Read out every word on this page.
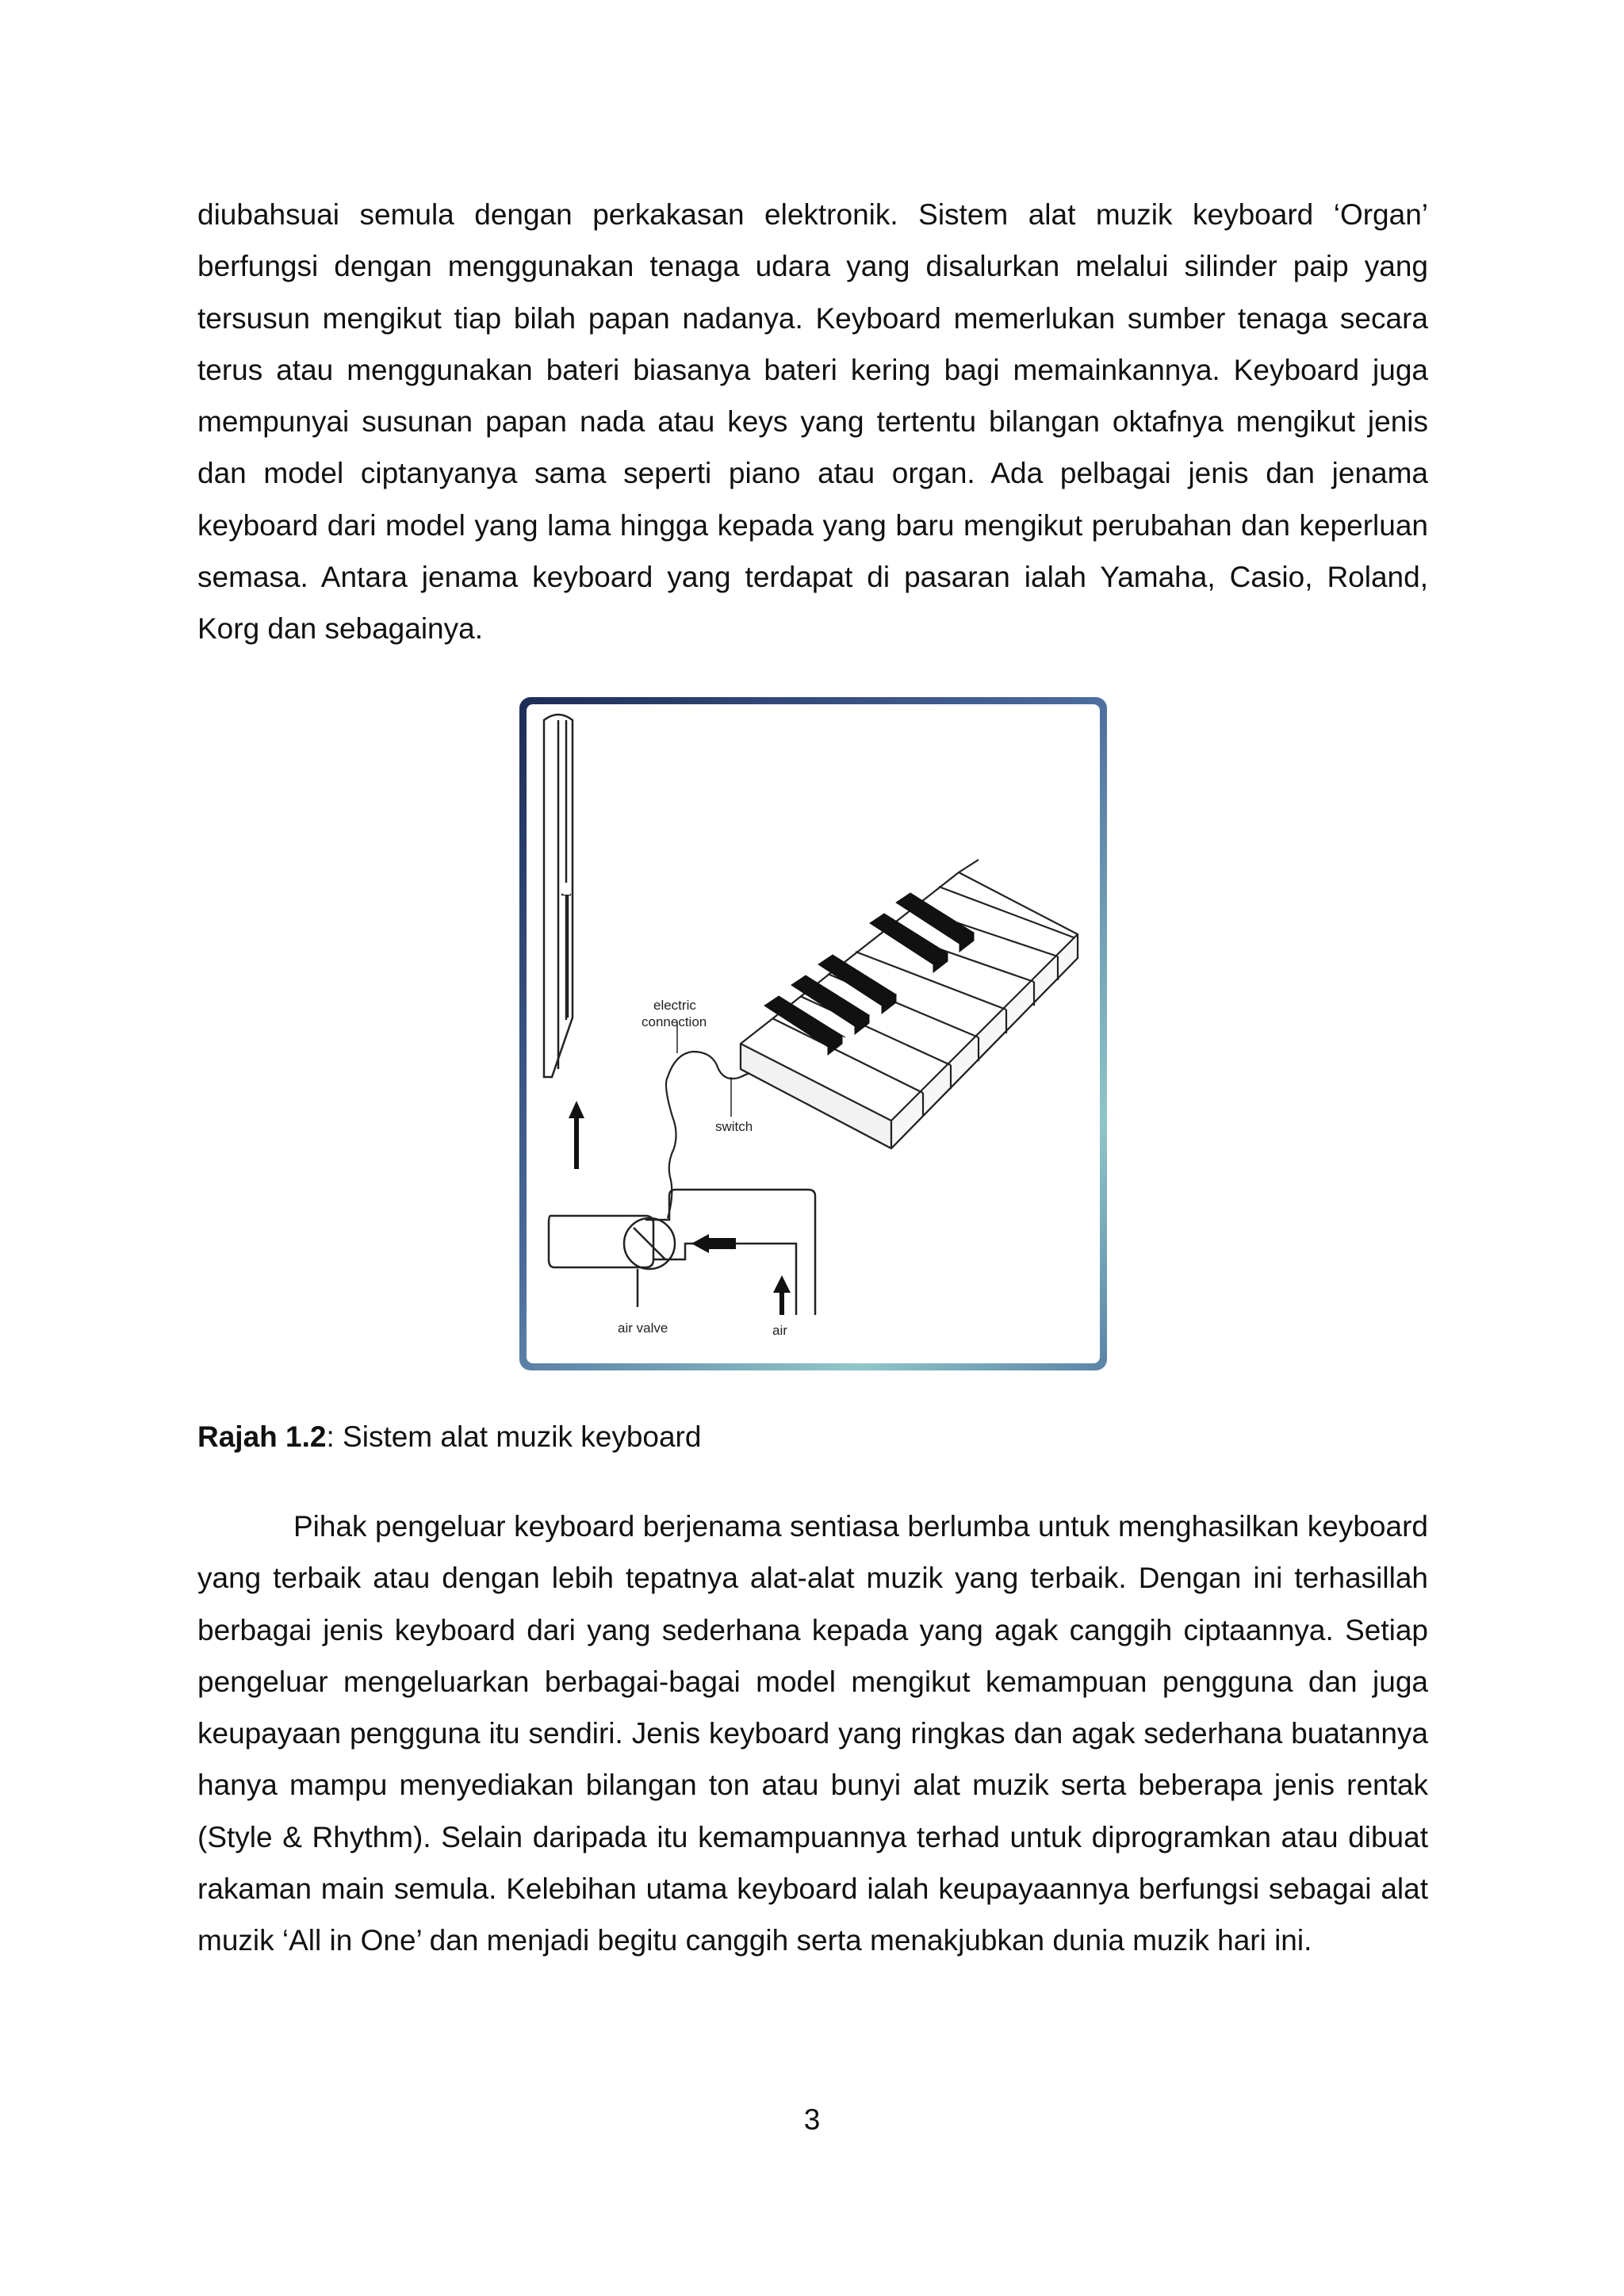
diubahsuai semula dengan perkakasan elektronik. Sistem alat muzik keyboard ‘Organ’ berfungsi dengan menggunakan tenaga udara yang disalurkan melalui silinder paip yang tersusun mengikut tiap bilah papan nadanya. Keyboard memerlukan sumber tenaga secara terus atau menggunakan bateri biasanya bateri kering bagi memainkannya. Keyboard juga mempunyai susunan papan nada atau keys yang tertentu bilangan oktafnya mengikut jenis dan model ciptanyanya sama seperti piano atau organ. Ada pelbagai jenis dan jenama keyboard dari model yang lama hingga kepada yang baru mengikut perubahan dan keperluan semasa. Antara jenama keyboard yang terdapat di pasaran ialah Yamaha, Casio, Roland, Korg dan sebagainya.

electric
connection
switch
air valve	air

Rajah 1.2: Sistem alat muzik keyboard

Pihak pengeluar keyboard berjenama sentiasa berlumba untuk menghasilkan keyboard yang terbaik atau dengan lebih tepatnya alat-alat muzik yang terbaik. Dengan ini terhasillah berbagai jenis keyboard dari yang sederhana kepada yang agak canggih ciptaannya. Setiap pengeluar mengeluarkan berbagai-bagai model mengikut kemampuan pengguna dan juga keupayaan pengguna itu sendiri. Jenis keyboard yang ringkas dan agak sederhana buatannya hanya mampu menyediakan bilangan ton atau bunyi alat muzik serta beberapa jenis rentak (Style & Rhythm). Selain daripada itu kemampuannya terhad untuk diprogramkan atau dibuat rakaman main semula. Kelebihan utama keyboard ialah keupayaannya berfungsi sebagai alat muzik ‘All in One’ dan menjadi begitu canggih serta menakjubkan dunia muzik hari ini.

3
